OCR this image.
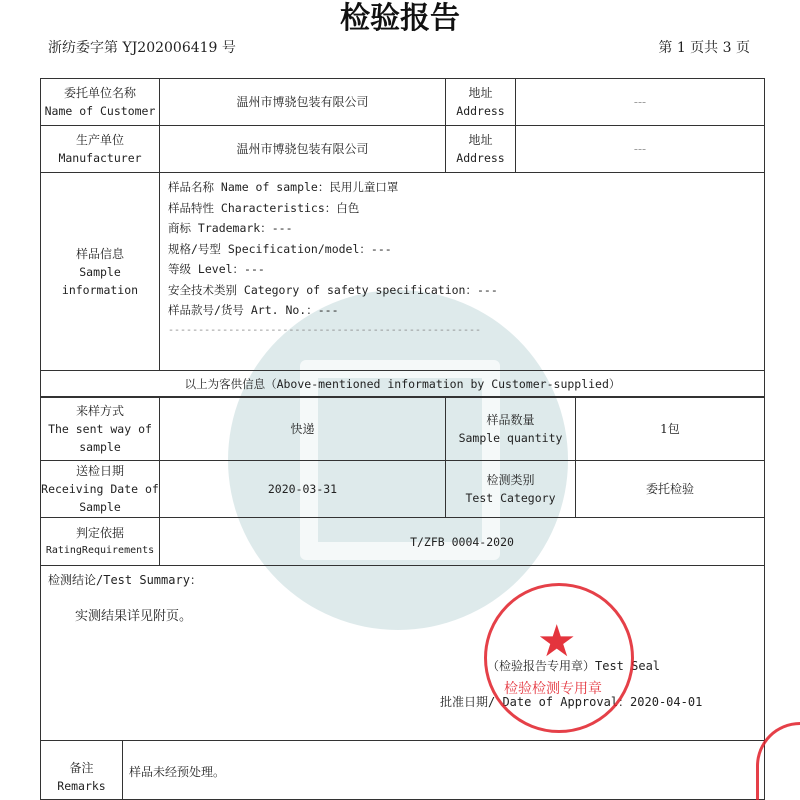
检验报告
浙纺委字第 YJ202006419 号	第 1 页共 3 页
委托单位名称
Name of Customer
温州市博骁包装有限公司
地址
Address
---
生产单位
Manufacturer
温州市博骁包装有限公司
地址
Address
---
样品信息
Sample
information
样品名称 Name of sample：民用儿童口罩
样品特性 Characteristics：白色
商标 Trademark：---
规格/号型 Specification/model：---
等级 Level：---
安全技术类别 Category of safety specification：---
样品款号/货号 Art. No.：---
----------------------------------------------------
以上为客供信息（Above-mentioned information by Customer-supplied）
来样方式
The sent way of
sample
快递
样品数量
Sample quantity
1包
送检日期
Receiving Date of
Sample
2020-03-31
检测类别
Test Category
委托检验
判定依据
RatingRequirements
T/ZFB 0004-2020
检测结论/Test Summary：
实测结果详见附页。
（检验报告专用章）Test Seal
批准日期/ Date of Approval：2020-04-01
备注
Remarks
样品未经预处理。
★
检验检测专用章
